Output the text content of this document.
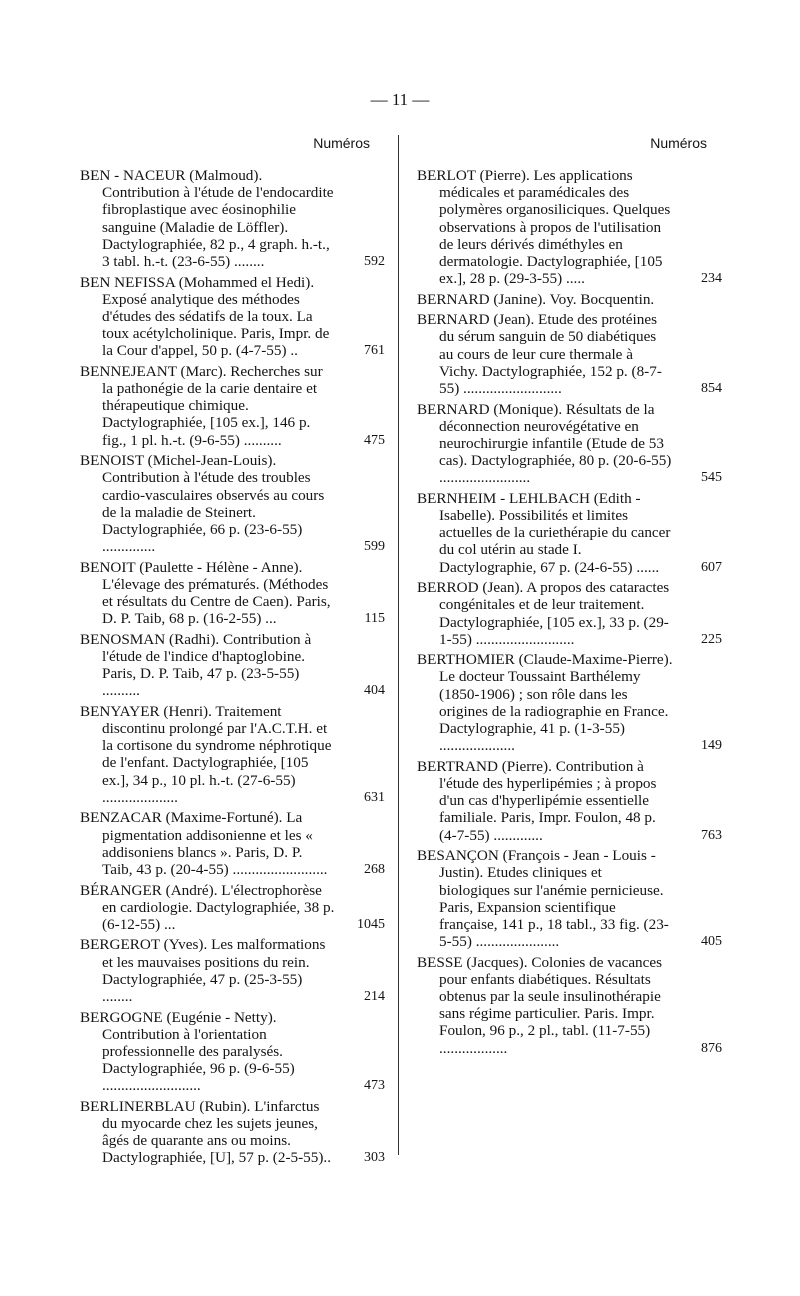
— 11 —
Numéros
BEN - NACEUR (Malmoud). Contribution à l'étude de l'endocardite fibroplastique avec éosinophilie sanguine (Maladie de Löffler). Dactylographiée, 82 p., 4 graph. h.-t., 3 tabl. h.-t. (23-6-55) ........	592
BEN NEFISSA (Mohammed el Hedi). Exposé analytique des méthodes d'études des sédatifs de la toux. La toux acétylcholinique. Paris, Impr. de la Cour d'appel, 50 p. (4-7-55) ..	761
BENNEJEANT (Marc). Recherches sur la pathonégie de la carie dentaire et thérapeutique chimique. Dactylographiée, [105 ex.], 146 p. fig., 1 pl. h.-t. (9-6-55) ..........	475
BENOIST (Michel-Jean-Louis). Contribution à l'étude des troubles cardio-vasculaires observés au cours de la maladie de Steinert. Dactylographiée, 66 p. (23-6-55) ..............	599
BENOIT (Paulette - Hélène - Anne). L'élevage des prématurés. (Méthodes et résultats du Centre de Caen). Paris, D. P. Taib, 68 p. (16-2-55) ...	115
BENOSMAN (Radhi). Contribution à l'étude de l'indice d'haptoglobine. Paris, D. P. Taib, 47 p. (23-5-55) ..........	404
BENYAYER (Henri). Traitement discontinu prolongé par l'A.C.T.H. et la cortisone du syndrome néphrotique de l'enfant. Dactylographiée, [105 ex.], 34 p., 10 pl. h.-t. (27-6-55) ....................	631
BENZACAR (Maxime-Fortuné). La pigmentation addisonienne et les « addisoniens blancs ». Paris, D. P. Taib, 43 p. (20-4-55) .........................	268
BÉRANGER (André). L'électrophorèse en cardiologie. Dactylographiée, 38 p. (6-12-55) ...	1045
BERGEROT (Yves). Les malformations et les mauvaises positions du rein. Dactylographiée, 47 p. (25-3-55) ........	214
BERGOGNE (Eugénie - Netty). Contribution à l'orientation professionnelle des paralysés. Dactylographiée, 96 p. (9-6-55) ..........................	473
BERLINERBLAU (Rubin). L'infarctus du myocarde chez les sujets jeunes, âgés de quarante ans ou moins. Dactylographiée, [U], 57 p. (2-5-55)..	303
Numéros
BERLOT (Pierre). Les applications médicales et paramédicales des polymères organosiliciques. Quelques observations à propos de l'utilisation de leurs dérivés diméthyles en dermatologie. Dactylographiée, [105 ex.], 28 p. (29-3-55) .....	234
BERNARD (Janine). Voy. Bocquentin.
BERNARD (Jean). Etude des protéines du sérum sanguin de 50 diabétiques au cours de leur cure thermale à Vichy. Dactylographiée, 152 p. (8-7-55) ..........................	854
BERNARD (Monique). Résultats de la déconnection neurovégétative en neurochirurgie infantile (Etude de 53 cas). Dactylographiée, 80 p. (20-6-55) ........................	545
BERNHEIM - LEHLBACH (Edith - Isabelle). Possibilités et limites actuelles de la curiethérapie du cancer du col utérin au stade I. Dactylographie, 67 p. (24-6-55) ......	607
BERROD (Jean). A propos des cataractes congénitales et de leur traitement. Dactylographiée, [105 ex.], 33 p. (29-1-55) ..........................	225
BERTHOMIER (Claude-Maxime-Pierre). Le docteur Toussaint Barthélemy (1850-1906) ; son rôle dans les origines de la radiographie en France. Dactylographie, 41 p. (1-3-55) ....................	149
BERTRAND (Pierre). Contribution à l'étude des hyperlipémies ; à propos d'un cas d'hyperlipémie essentielle familiale. Paris, Impr. Foulon, 48 p. (4-7-55) .............	763
BESANÇON (François - Jean - Louis - Justin). Etudes cliniques et biologiques sur l'anémie pernicieuse. Paris, Expansion scientifique française, 141 p., 18 tabl., 33 fig. (23-5-55) ......................	405
BESSE (Jacques). Colonies de vacances pour enfants diabétiques. Résultats obtenus par la seule insulinothérapie sans régime particulier. Paris. Impr. Foulon, 96 p., 2 pl., tabl. (11-7-55) ..................	876
